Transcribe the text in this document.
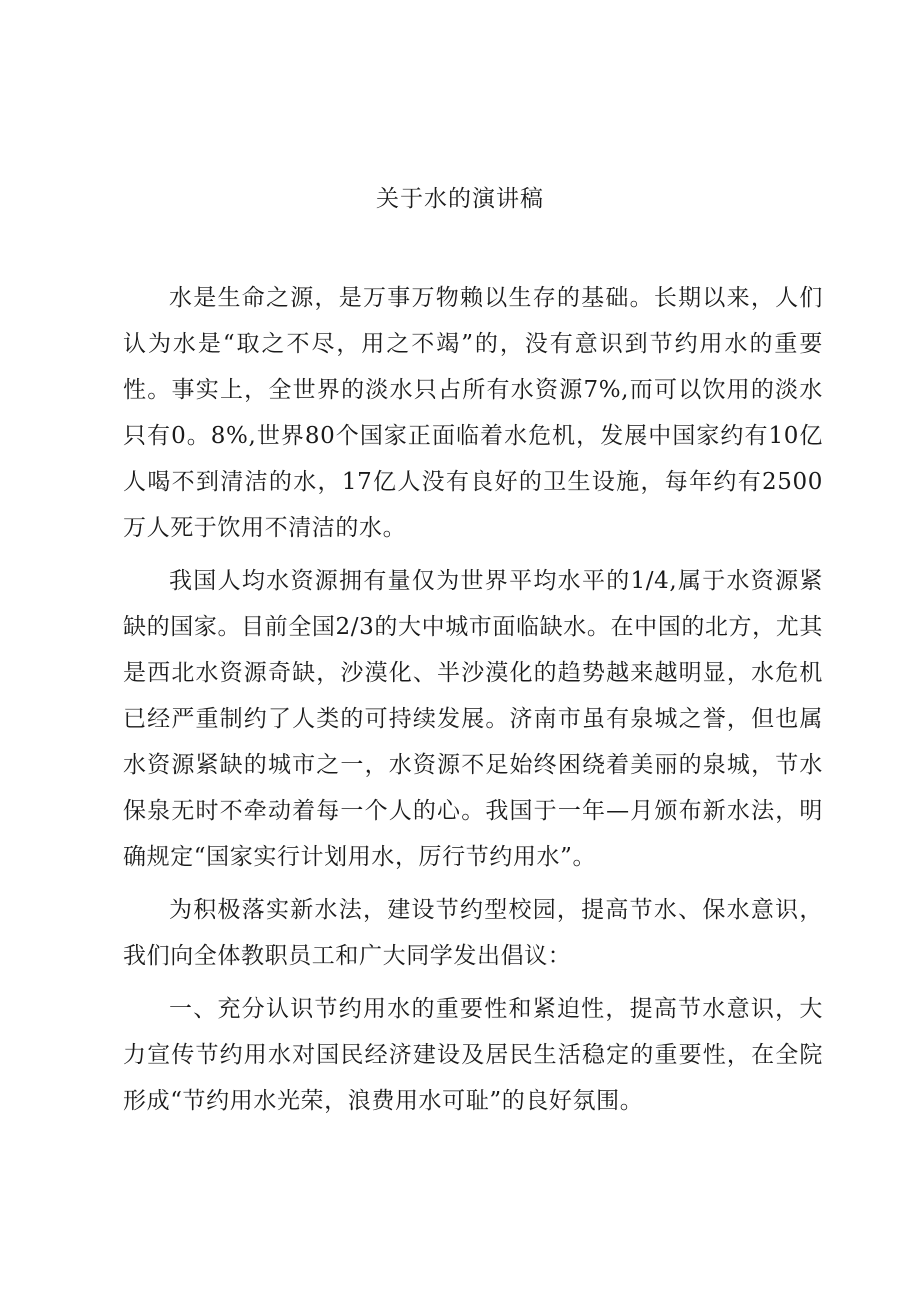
关于水的演讲稿

水是生命之源，是万事万物赖以生存的基础。长期以来，人们认为水是“取之不尽，用之不竭”的，没有意识到节约用水的重要性。事实上，全世界的淡水只占所有水资源7%,而可以饮用的淡水只有0。8%,世界80个国家正面临着水危机，发展中国家约有10亿人喝不到清洁的水，17亿人没有良好的卫生设施，每年约有2500万人死于饮用不清洁的水。

我国人均水资源拥有量仅为世界平均水平的1/4,属于水资源紧缺的国家。目前全国2/3的大中城市面临缺水。在中国的北方，尤其是西北水资源奇缺，沙漠化、半沙漠化的趋势越来越明显，水危机已经严重制约了人类的可持续发展。济南市虽有泉城之誉，但也属水资源紧缺的城市之一，水资源不足始终困绕着美丽的泉城，节水保泉无时不牵动着每一个人的心。我国于一年—月颁布新水法，明确规定“国家实行计划用水，厉行节约用水”。

为积极落实新水法，建设节约型校园，提高节水、保水意识，我们向全体教职员工和广大同学发出倡议：

一、充分认识节约用水的重要性和紧迫性，提高节水意识，大力宣传节约用水对国民经济建设及居民生活稳定的重要性，在全院形成“节约用水光荣，浪费用水可耻”的良好氛围。
